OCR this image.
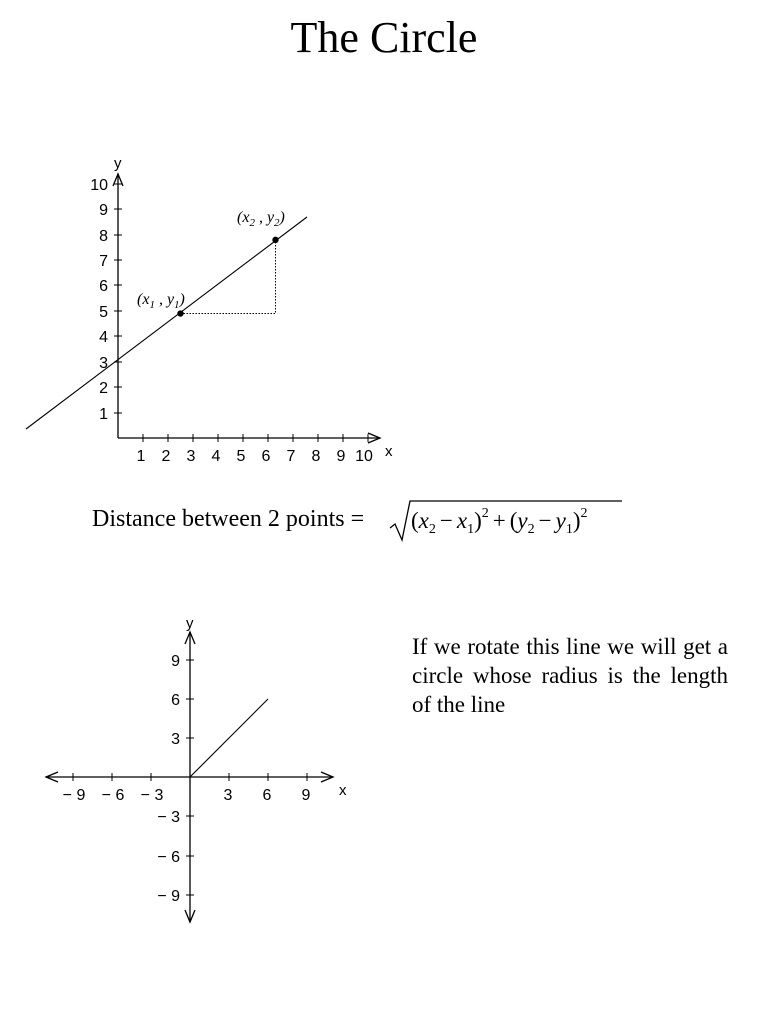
The Circle
y
x
1
2
3
4
5
6
7
8
9
10
1 2 3 4 5 6 7 8 9 10
($x_1$ , $y_1$)
($x_2$ , $y_2$)
$(x_2 - x_1)^2 + (y_2 - y_1)^2$
y
x
3 6 9
− 9 − 6 − 3
3
6
9
− 3
− 6
− 9
Distance between 2 points =
If we rotate this line we will get a circle whose radius is the length of the line
